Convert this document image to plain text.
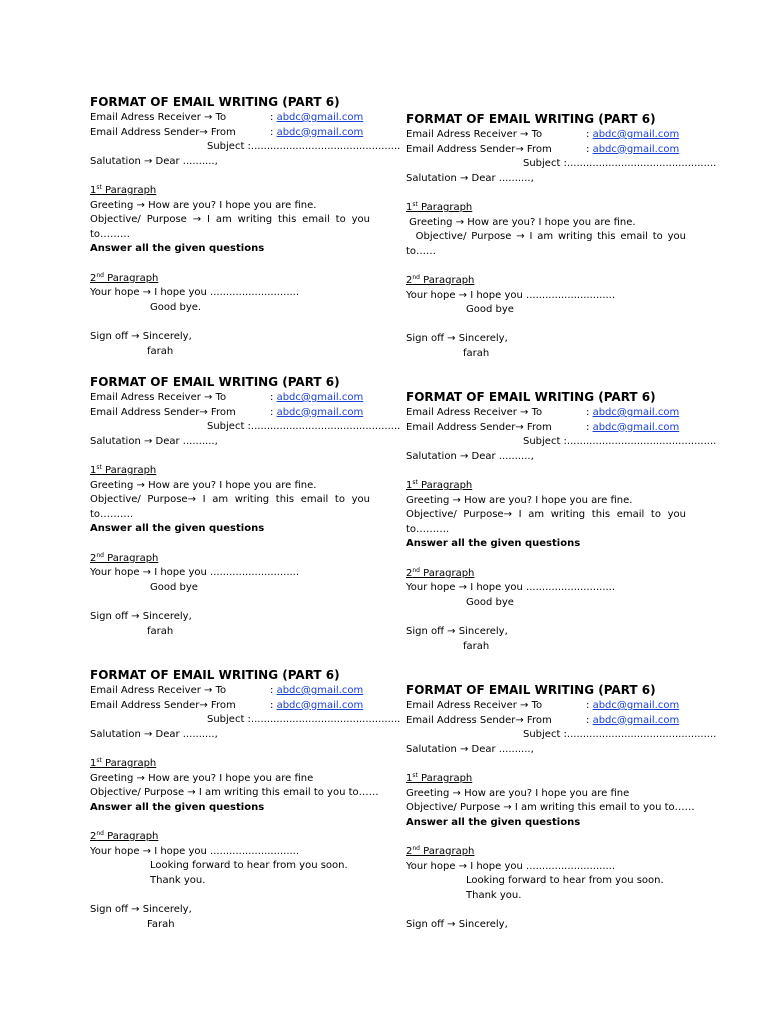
FORMAT OF EMAIL WRITING (PART 6)
Email Adress Receiver → To	: abdc@gmail.com
Email Address Sender→ From	: abdc@gmail.com
Subject :...............................................
Salutation → Dear ..........,
1st Paragraph
Greeting → How are you? I hope you are fine.
Objective/ Purpose → I am writing this email to you
to………
Answer all the given questions
2nd Paragraph
Your hope → I hope you ............................
Good bye.
Sign off → Sincerely,
farah
FORMAT OF EMAIL WRITING (PART 6)
Email Adress Receiver → To	: abdc@gmail.com
Email Address Sender→ From	: abdc@gmail.com
Subject :...............................................
Salutation → Dear ..........,
1st Paragraph
Greeting → How are you? I hope you are fine.
Objective/ Purpose → I am writing this email to you
to……
2nd Paragraph
Your hope → I hope you ............................
Good bye
Sign off → Sincerely,
farah
FORMAT OF EMAIL WRITING (PART 6)
Email Adress Receiver → To	: abdc@gmail.com
Email Address Sender→ From	: abdc@gmail.com
Subject :...............................................
Salutation → Dear ..........,
1st Paragraph
Greeting → How are you? I hope you are fine.
Objective/ Purpose→ I am writing this email to you
to……….
Answer all the given questions
2nd Paragraph
Your hope → I hope you ............................
Good bye
Sign off → Sincerely,
farah
FORMAT OF EMAIL WRITING (PART 6)
Email Adress Receiver → To	: abdc@gmail.com
Email Address Sender→ From	: abdc@gmail.com
Subject :...............................................
Salutation → Dear ..........,
1st Paragraph
Greeting → How are you? I hope you are fine.
Objective/ Purpose→ I am writing this email to you
to……….
Answer all the given questions
2nd Paragraph
Your hope → I hope you ............................
Good bye
Sign off → Sincerely,
farah
FORMAT OF EMAIL WRITING (PART 6)
Email Adress Receiver → To	: abdc@gmail.com
Email Address Sender→ From	: abdc@gmail.com
Subject :...............................................
Salutation → Dear ..........,
1st Paragraph
Greeting → How are you? I hope you are fine
Objective/ Purpose → I am writing this email to you to……
Answer all the given questions
2nd Paragraph
Your hope → I hope you ............................
Looking forward to hear from you soon.
Thank you.
Sign off → Sincerely,
Farah
FORMAT OF EMAIL WRITING (PART 6)
Email Adress Receiver → To	: abdc@gmail.com
Email Address Sender→ From	: abdc@gmail.com
Subject :...............................................
Salutation → Dear ..........,
1st Paragraph
Greeting → How are you? I hope you are fine
Objective/ Purpose → I am writing this email to you to……
Answer all the given questions
2nd Paragraph
Your hope → I hope you ............................
Looking forward to hear from you soon.
Thank you.
Sign off → Sincerely,
